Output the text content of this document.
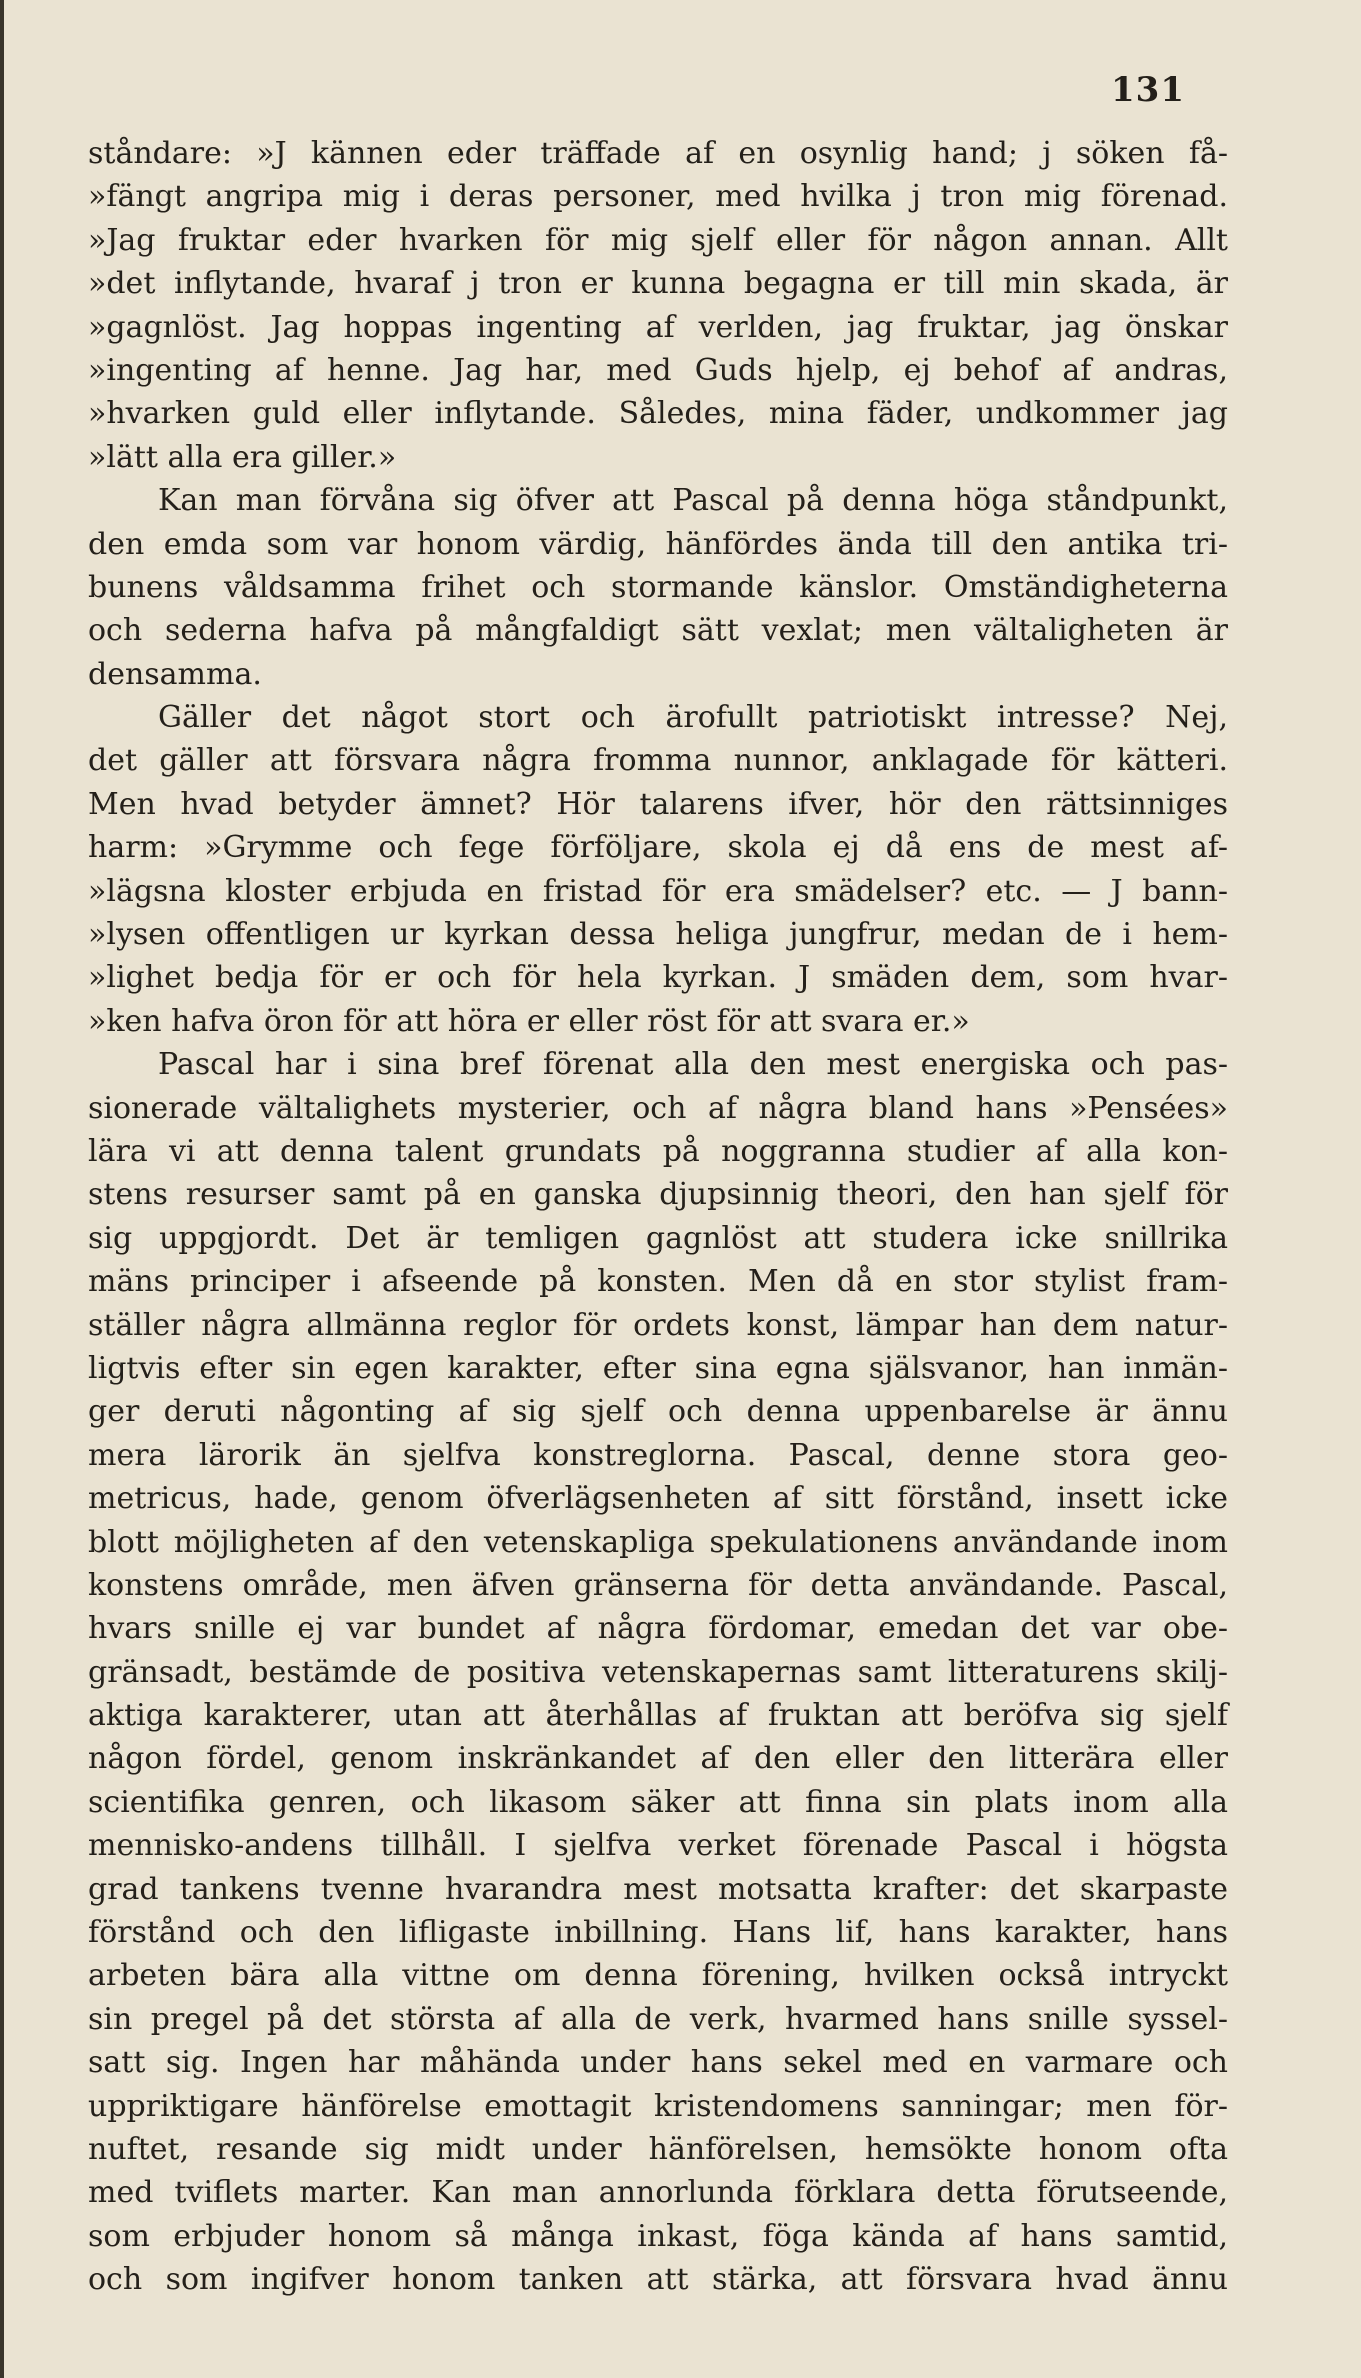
131
ståndare: »J kännen eder träffade af en osynlig hand; j söken få-
»fängt angripa mig i deras personer, med hvilka j tron mig förenad.
»Jag fruktar eder hvarken för mig sjelf eller för någon annan. Allt
»det inflytande, hvaraf j tron er kunna begagna er till min skada, är
»gagnlöst. Jag hoppas ingenting af verlden, jag fruktar, jag önskar
»ingenting af henne. Jag har, med Guds hjelp, ej behof af andras,
»hvarken guld eller inflytande. Således, mina fäder, undkommer jag
»lätt alla era giller.»
Kan man förvåna sig öfver att Pascal på denna höga ståndpunkt,
den emda som var honom värdig, hänfördes ända till den antika tri-
bunens våldsamma frihet och stormande känslor. Omständigheterna
och sederna hafva på mångfaldigt sätt vexlat; men vältaligheten är
densamma.
Gäller det något stort och ärofullt patriotiskt intresse? Nej,
det gäller att försvara några fromma nunnor, anklagade för kätteri.
Men hvad betyder ämnet? Hör talarens ifver, hör den rättsinniges
harm: »Grymme och fege förföljare, skola ej då ens de mest af-
»lägsna kloster erbjuda en fristad för era smädelser? etc. — J bann-
»lysen offentligen ur kyrkan dessa heliga jungfrur, medan de i hem-
»lighet bedja för er och för hela kyrkan. J smäden dem, som hvar-
»ken hafva öron för att höra er eller röst för att svara er.»
Pascal har i sina bref förenat alla den mest energiska och pas-
sionerade vältalighets mysterier, och af några bland hans »Pensées»
lära vi att denna talent grundats på noggranna studier af alla kon-
stens resurser samt på en ganska djupsinnig theori, den han sjelf för
sig uppgjordt. Det är temligen gagnlöst att studera icke snillrika
mäns principer i afseende på konsten. Men då en stor stylist fram-
ställer några allmänna reglor för ordets konst, lämpar han dem natur-
ligtvis efter sin egen karakter, efter sina egna själsvanor, han inmän-
ger deruti någonting af sig sjelf och denna uppenbarelse är ännu
mera lärorik än sjelfva konstreglorna. Pascal, denne stora geo-
metricus, hade, genom öfverlägsenheten af sitt förstånd, insett icke
blott möjligheten af den vetenskapliga spekulationens användande inom
konstens område, men äfven gränserna för detta användande. Pascal,
hvars snille ej var bundet af några fördomar, emedan det var obe-
gränsadt, bestämde de positiva vetenskapernas samt litteraturens skilj-
aktiga karakterer, utan att återhållas af fruktan att beröfva sig sjelf
någon fördel, genom inskränkandet af den eller den litterära eller
scientifika genren, och likasom säker att finna sin plats inom alla
mennisko-andens tillhåll. I sjelfva verket förenade Pascal i högsta
grad tankens tvenne hvarandra mest motsatta krafter: det skarpaste
förstånd och den lifligaste inbillning. Hans lif, hans karakter, hans
arbeten bära alla vittne om denna förening, hvilken också intryckt
sin pregel på det största af alla de verk, hvarmed hans snille syssel-
satt sig. Ingen har måhända under hans sekel med en varmare och
uppriktigare hänförelse emottagit kristendomens sanningar; men för-
nuftet, resande sig midt under hänförelsen, hemsökte honom ofta
med tviflets marter. Kan man annorlunda förklara detta förutseende,
som erbjuder honom så många inkast, föga kända af hans samtid,
och som ingifver honom tanken att stärka, att försvara hvad ännu
